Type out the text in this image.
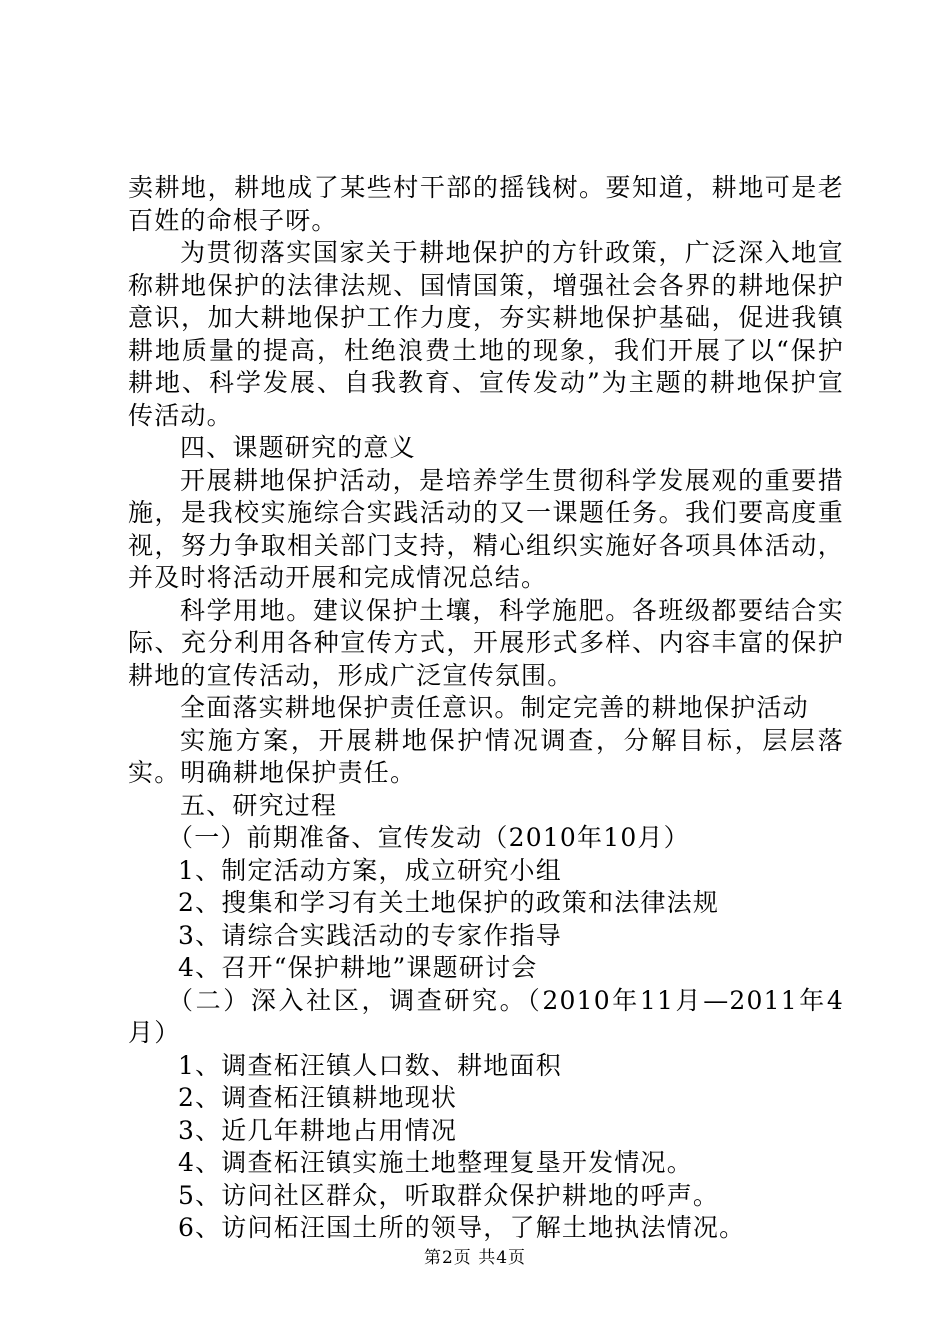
卖耕地，耕地成了某些村干部的摇钱树。要知道，耕地可是老百姓的命根子呀。

为贯彻落实国家关于耕地保护的方针政策，广泛深入地宣称耕地保护的法律法规、国情国策，增强社会各界的耕地保护意识，加大耕地保护工作力度，夯实耕地保护基础，促进我镇耕地质量的提高，杜绝浪费土地的现象，我们开展了以“保护耕地、科学发展、自我教育、宣传发动”为主题的耕地保护宣传活动。

四、课题研究的意义

开展耕地保护活动，是培养学生贯彻科学发展观的重要措施，是我校实施综合实践活动的又一课题任务。我们要高度重视，努力争取相关部门支持，精心组织实施好各项具体活动，并及时将活动开展和完成情况总结。

科学用地。建议保护土壤，科学施肥。各班级都要结合实际、充分利用各种宣传方式，开展形式多样、内容丰富的保护耕地的宣传活动，形成广泛宣传氛围。

全面落实耕地保护责任意识。制定完善的耕地保护活动

实施方案，开展耕地保护情况调查，分解目标，层层落实。明确耕地保护责任。

五、研究过程

（一）前期准备、宣传发动（2010年10月）

1、制定活动方案，成立研究小组

2、搜集和学习有关土地保护的政策和法律法规

3、请综合实践活动的专家作指导

4、召开“保护耕地”课题研讨会

（二）深入社区，调查研究。（2010年11月—2011年4月）

1、调查柘汪镇人口数、耕地面积

2、调查柘汪镇耕地现状

3、近几年耕地占用情况

4、调查柘汪镇实施土地整理复垦开发情况。

5、访问社区群众，听取群众保护耕地的呼声。

6、访问柘汪国土所的领导，了解土地执法情况。

第2页 共4页
